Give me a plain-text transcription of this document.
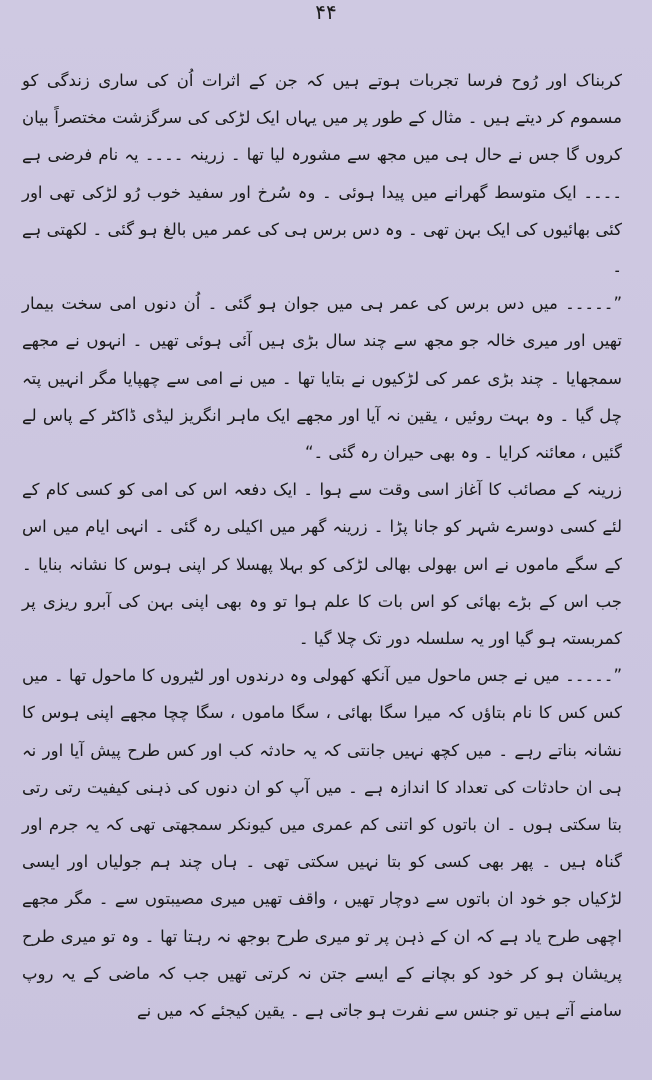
۴۴

کربناک اور رُوح فرسا تجربات ہوتے ہیں کہ جن کے اثرات اُن کی ساری زندگی کو مسموم کر دیتے ہیں ۔ مثال کے طور پر میں یہاں ایک لڑکی کی سرگزشت مختصراً بیان کروں گا جس نے حال ہی میں مجھ سے مشورہ لیا تھا ۔ زرینہ ۔۔۔۔ یہ نام فرضی ہے ۔۔۔۔ ایک متوسط گھرانے میں پیدا ہوئی ۔ وہ سُرخ اور سفید خوب رُو لڑکی تھی اور کئی بھائیوں کی ایک بہن تھی ۔ وہ دس برس ہی کی عمر میں بالغ ہو گئی ۔ لکھتی ہے ۔

”۔۔۔۔۔ میں دس برس کی عمر ہی میں جوان ہو گئی ۔ اُن دنوں امی سخت بیمار تھیں اور میری خالہ جو مجھ سے چند سال بڑی ہیں آئی ہوئی تھیں ۔ انہوں نے مجھے سمجھایا ۔ چند بڑی عمر کی لڑکیوں نے بتایا تھا ۔ میں نے امی سے چھپایا مگر انہیں پتہ چل گیا ۔ وہ بہت روئیں ، یقین نہ آیا اور مجھے ایک ماہر انگریز لیڈی ڈاکٹر کے پاس لے گئیں ، معائنہ کرایا ۔ وہ بھی حیران رہ گئی ۔“

زرینہ کے مصائب کا آغاز اسی وقت سے ہوا ۔ ایک دفعہ اس کی امی کو کسی کام کے لئے کسی دوسرے شہر کو جانا پڑا ۔ زرینہ گھر میں اکیلی رہ گئی ۔ انہی ایام میں اس کے سگے ماموں نے اس بھولی بھالی لڑکی کو بہلا پھسلا کر اپنی ہوس کا نشانہ بنایا ۔ جب اس کے بڑے بھائی کو اس بات کا علم ہوا تو وہ بھی اپنی بہن کی آبرو ریزی پر کمربستہ ہو گیا اور یہ سلسلہ دور تک چلا گیا ۔

”۔۔۔۔۔ میں نے جس ماحول میں آنکھ کھولی وہ درندوں اور لٹیروں کا ماحول تھا ۔ میں کس کس کا نام بتاؤں کہ میرا سگا بھائی ، سگا ماموں ، سگا چچا مجھے اپنی ہوس کا نشانہ بناتے رہے ۔ میں کچھ نہیں جانتی کہ یہ حادثہ کب اور کس طرح پیش آیا اور نہ ہی ان حادثات کی تعداد کا اندازہ ہے ۔ میں آپ کو ان دنوں کی ذہنی کیفیت رتی رتی بتا سکتی ہوں ۔ ان باتوں کو اتنی کم عمری میں کیونکر سمجھتی تھی کہ یہ جرم اور گناہ ہیں ۔ پھر بھی کسی کو بتا نہیں سکتی تھی ۔ ہاں چند ہم جولیاں اور ایسی لڑکیاں جو خود ان باتوں سے دوچار تھیں ، واقف تھیں میری مصیبتوں سے ۔ مگر مجھے اچھی طرح یاد ہے کہ ان کے ذہن پر تو میری طرح بوجھ نہ رہتا تھا ۔ وہ تو میری طرح پریشان ہو کر خود کو بچانے کے ایسے جتن نہ کرتی تھیں جب کہ ماضی کے یہ روپ سامنے آتے ہیں تو جنس سے نفرت ہو جاتی ہے ۔ یقین کیجئے کہ میں نے
